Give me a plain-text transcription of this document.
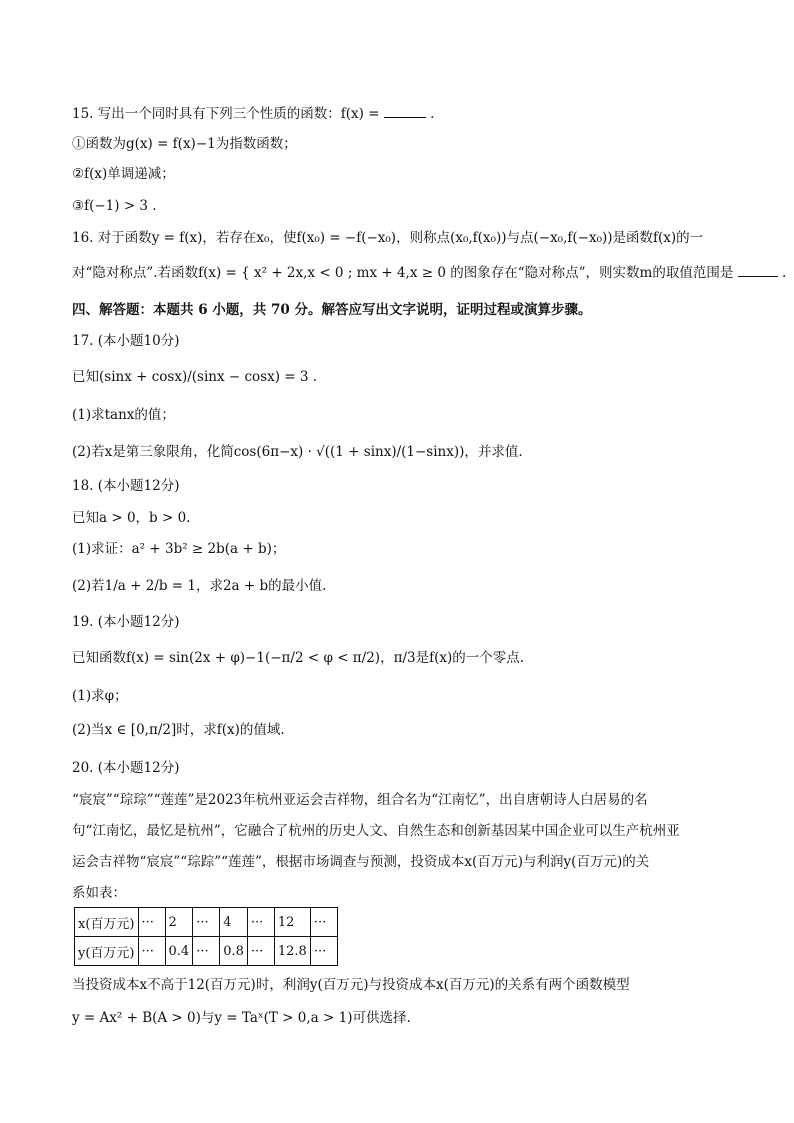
15. 写出一个同时具有下列三个性质的函数：f(x) =	.
①函数为g(x) = f(x)−1为指数函数；
②f(x)单调递减；
③f(−1) > 3 .
16. 对于函数y = f(x)，若存在x₀，使f(x₀) = −f(−x₀)，则称点(x₀,f(x₀))与点(−x₀,f(−x₀))是函数f(x)的一
对“隐对称点”.若函数f(x) = { x² + 2x,x < 0 ; mx + 4,x ≥ 0 的图象存在“隐对称点”，则实数m的取值范围是	.
四、解答题：本题共 6 小题，共 70 分。解答应写出文字说明，证明过程或演算步骤。
17. (本小题10分)
已知(sinx + cosx)/(sinx − cosx) = 3 .
(1)求tanx的值；
(2)若x是第三象限角，化简cos(6π−x) · √((1 + sinx)/(1−sinx))，并求值.
18. (本小题12分)
已知a > 0，b > 0.
(1)求证：a² + 3b² ≥ 2b(a + b)；
(2)若1/a + 2/b = 1，求2a + b的最小值.
19. (本小题12分)
已知函数f(x) = sin(2x + φ)−1(−π/2 < φ < π/2)，π/3是f(x)的一个零点.
(1)求φ；
(2)当x ∈ [0,π/2]时，求f(x)的值域.
20. (本小题12分)
“宸宸”“琮琮”“莲莲”是2023年杭州亚运会吉祥物，组合名为“江南忆”，出自唐朝诗人白居易的名
句“江南忆，最忆是杭州”，它融合了杭州的历史人文、自然生态和创新基因某中国企业可以生产杭州亚
运会吉祥物“宸宸”“琮踪”“莲莲”，根据市场调查与预测，投资成本x(百万元)与利润y(百万元)的关
系如表：
x(百万元)	···	2	···	4	···	12	···
y(百万元)	···	0.4	···	0.8	···	12.8	···
当投资成本x不高于12(百万元)时，利润y(百万元)与投资成本x(百万元)的关系有两个函数模型
y = Ax² + B(A > 0)与y = Taˣ(T > 0,a > 1)可供选择.
